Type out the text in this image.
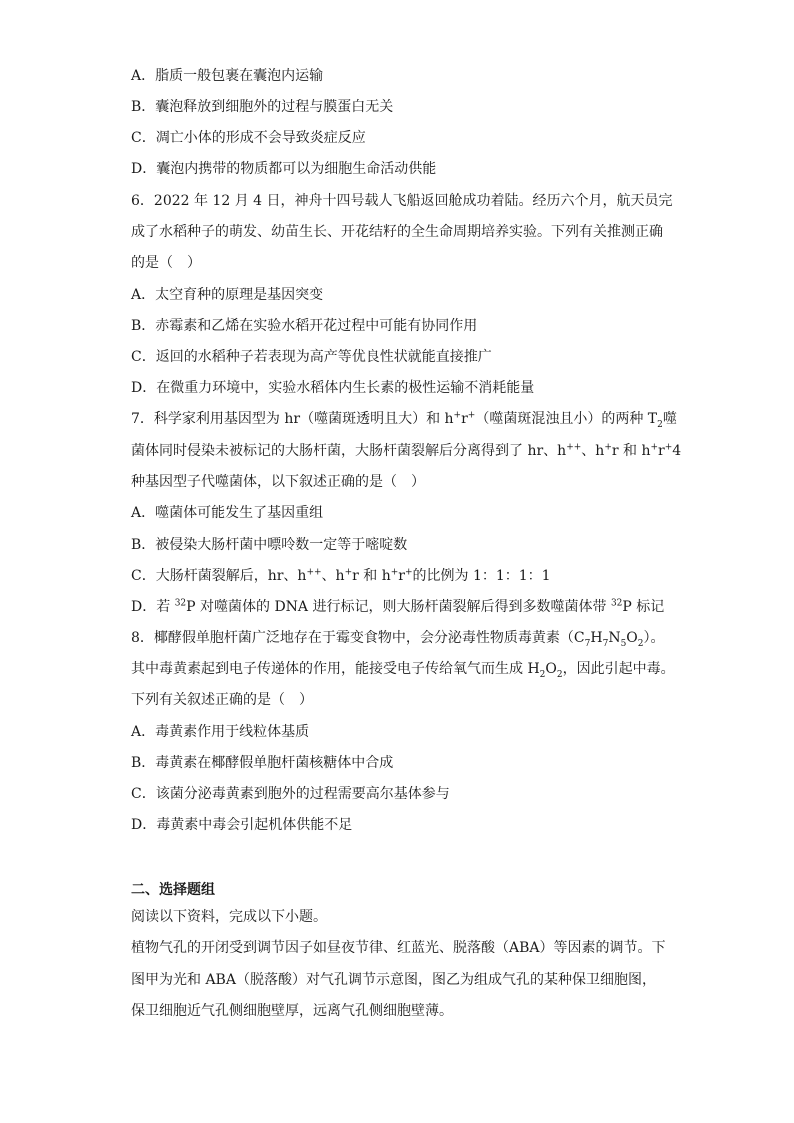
A．脂质一般包裹在囊泡内运输
B．囊泡释放到细胞外的过程与膜蛋白无关
C．凋亡小体的形成不会导致炎症反应
D．囊泡内携带的物质都可以为细胞生命活动供能
6．2022 年 12 月 4 日，神舟十四号载人飞船返回舱成功着陆。经历六个月，航天员完
成了水稻种子的萌发、幼苗生长、开花结籽的全生命周期培养实验。下列有关推测正确
的是（　）
A．太空育种的原理是基因突变
B．赤霉素和乙烯在实验水稻开花过程中可能有协同作用
C．返回的水稻种子若表现为高产等优良性状就能直接推广
D．在微重力环境中，实验水稻体内生长素的极性运输不消耗能量
7．科学家利用基因型为 hr（噬菌斑透明且大）和 h+r+（噬菌斑混浊且小）的两种 $T_2$噬
菌体同时侵染未被标记的大肠杆菌，大肠杆菌裂解后分离得到了 hr、h++、h+r 和 h+r+4
种基因型子代噬菌体，以下叙述正确的是（　）
A．噬菌体可能发生了基因重组
B．被侵染大肠杆菌中嘌呤数一定等于嘧啶数
C．大肠杆菌裂解后，hr、h++、h+r 和 h+r+的比例为 1：1：1：1
D．若 $^{32}$P 对噬菌体的 DNA 进行标记，则大肠杆菌裂解后得到多数噬菌体带 $^{32}$P 标记
8．椰酵假单胞杆菌广泛地存在于霉变食物中，会分泌毒性物质毒黄素$(C_7H_7N_5O_2)$。
其中毒黄素起到电子传递体的作用，能接受电子传给氧气而生成 $H_2O_2$，因此引起中毒。
下列有关叙述正确的是（　）
A．毒黄素作用于线粒体基质
B．毒黄素在椰酵假单胞杆菌核糖体中合成
C．该菌分泌毒黄素到胞外的过程需要高尔基体参与
D．毒黄素中毒会引起机体供能不足
二、选择题组
阅读以下资料，完成以下小题。
植物气孔的开闭受到调节因子如昼夜节律、红蓝光、脱落酸（ABA）等因素的调节。下
图甲为光和 ABA（脱落酸）对气孔调节示意图，图乙为组成气孔的某种保卫细胞图，
保卫细胞近气孔侧细胞壁厚，远离气孔侧细胞壁薄。
